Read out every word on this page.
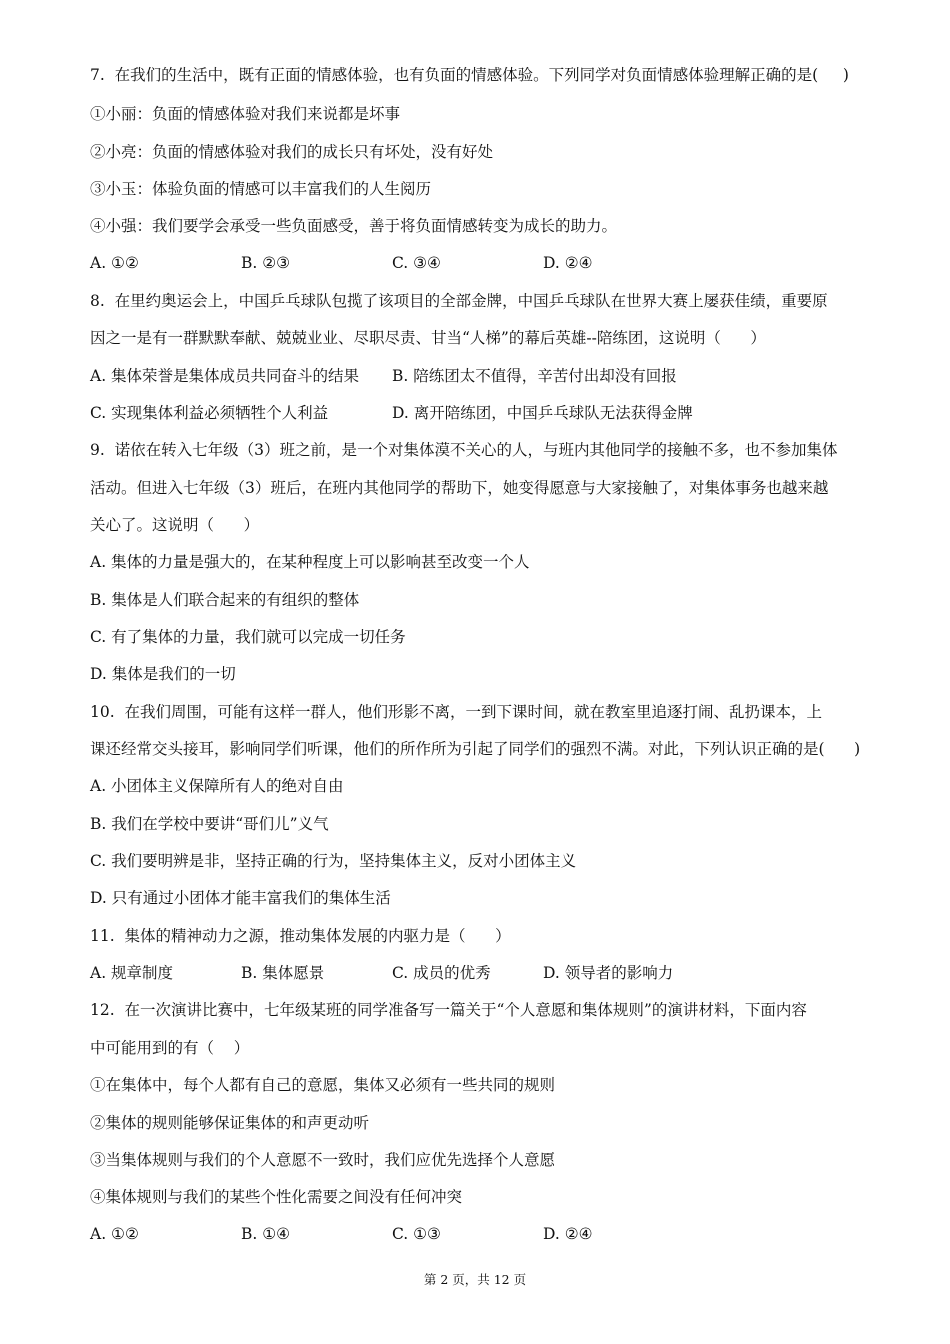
7.  在我们的生活中，既有正面的情感体验，也有负面的情感体验。下列同学对负面情感体验理解正确的是(     )
①小丽：负面的情感体验对我们来说都是坏事
②小亮：负面的情感体验对我们的成长只有坏处，没有好处
③小玉：体验负面的情感可以丰富我们的人生阅历
④小强：我们要学会承受一些负面感受，善于将负面情感转变为成长的助力。
A. ①②	B. ②③	C. ③④	D. ②④
8.  在里约奥运会上，中国乒乓球队包揽了该项目的全部金牌，中国乒乓球队在世界大赛上屡获佳绩，重要原
因之一是有一群默默奉献、兢兢业业、尽职尽责、甘当“人梯”的幕后英雄--陪练团，这说明（      ）
A. 集体荣誉是集体成员共同奋斗的结果 B. 陪练团太不值得，辛苦付出却没有回报
C. 实现集体利益必须牺牲个人利益	D. 离开陪练团，中国乒乓球队无法获得金牌
9.  诺依在转入七年级（3）班之前，是一个对集体漠不关心的人，与班内其他同学的接触不多，也不参加集体
活动。但进入七年级（3）班后，在班内其他同学的帮助下，她变得愿意与大家接触了，对集体事务也越来越
关心了。这说明（      ）
A. 集体的力量是强大的，在某种程度上可以影响甚至改变一个人
B. 集体是人们联合起来的有组织的整体
C. 有了集体的力量，我们就可以完成一切任务
D. 集体是我们的一切
10.  在我们周围，可能有这样一群人，他们形影不离，一到下课时间，就在教室里追逐打闹、乱扔课本，上
课还经常交头接耳，影响同学们听课，他们的所作所为引起了同学们的强烈不满。对此，下列认识正确的是(      )
A. 小团体主义保障所有人的绝对自由
B. 我们在学校中要讲“哥们儿”义气
C. 我们要明辨是非，坚持正确的行为，坚持集体主义，反对小团体主义
D. 只有通过小团体才能丰富我们的集体生活
11.  集体的精神动力之源，推动集体发展的内驱力是（      ）
A. 规章制度	B. 集体愿景	C. 成员的优秀	D. 领导者的影响力
12.  在一次演讲比赛中，七年级某班的同学准备写一篇关于“个人意愿和集体规则”的演讲材料，下面内容
中可能用到的有（    ）
①在集体中，每个人都有自己的意愿，集体又必须有一些共同的规则
②集体的规则能够保证集体的和声更动听
③当集体规则与我们的个人意愿不一致时，我们应优先选择个人意愿
④集体规则与我们的某些个性化需要之间没有任何冲突
A. ①②	B. ①④	C. ①③	D. ②④
第 2 页，共 12 页
